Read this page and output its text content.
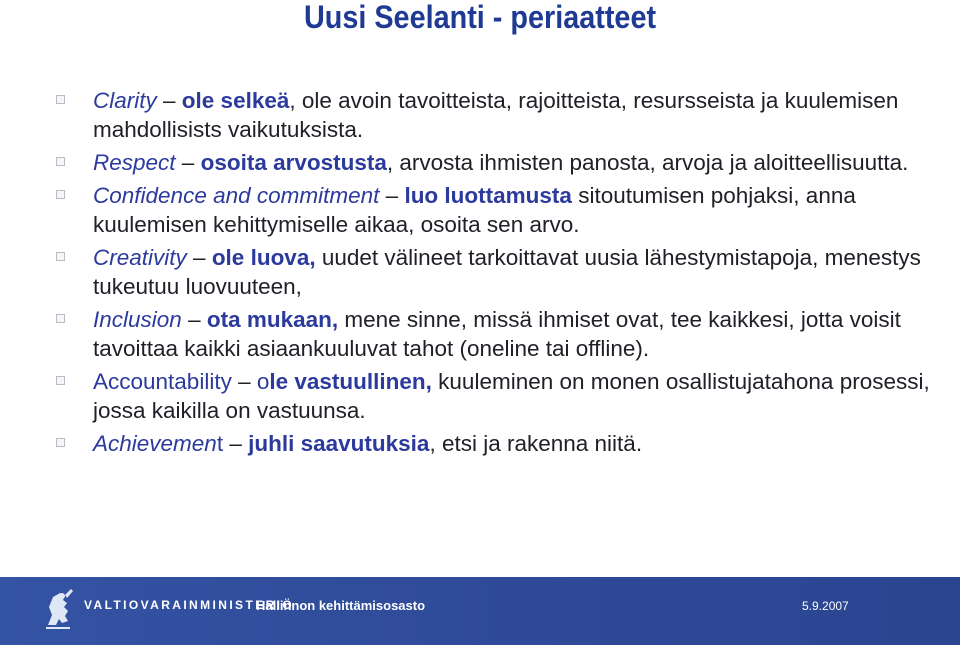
Uusi Seelanti - periaatteet
Clarity – ole selkeä, ole avoin tavoitteista, rajoitteista, resursseista ja kuulemisen mahdollisists vaikutuksista.
Respect – osoita arvostusta, arvosta ihmisten panosta, arvoja ja aloitteellisuutta.
Confidence and commitment – luo luottamusta sitoutumisen pohjaksi, anna kuulemisen kehittymiselle aikaa, osoita sen arvo.
Creativity – ole luova, uudet välineet tarkoittavat uusia lähestymistapoja, menestys tukeutuu luovuuteen,
Inclusion – ota mukaan, mene sinne, missä ihmiset ovat, tee kaikkesi, jotta voisit tavoittaa kaikki asiaankuuluvat tahot (oneline tai offline).
Accountability – ole vastuullinen, kuuleminen on monen osallistujatahona prosessi, jossa kaikilla on vastuunsa.
Achievement – juhli saavutuksia, etsi ja rakenna niitä.
VALTIOVARAINMINISTERIÖ
Hallinnon kehittämisosasto	5.9.2007
